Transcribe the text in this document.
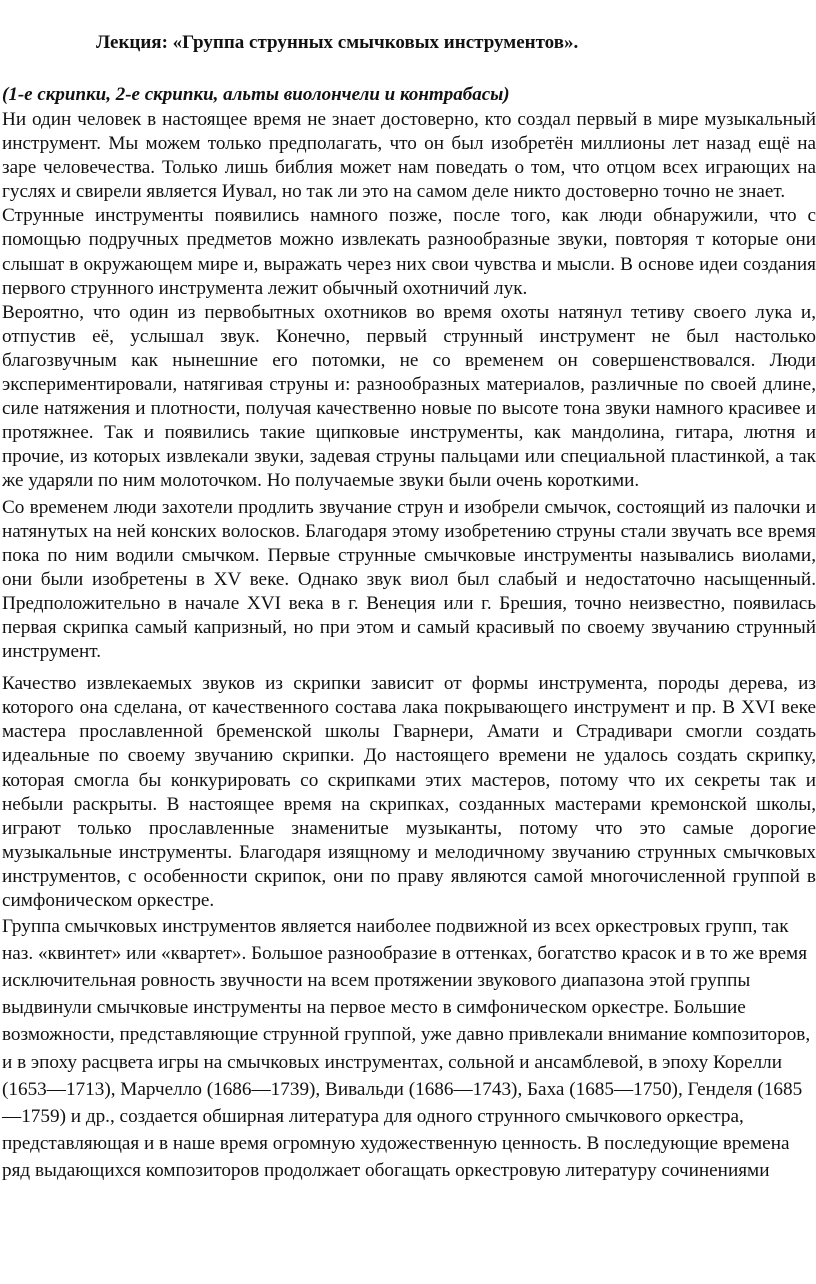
Лекция: «Группа струнных смычковых инструментов».

(1-е скрипки, 2-е скрипки, альты виолончели и контрабасы)

Ни один человек в настоящее время не знает достоверно, кто создал первый в мире музыкальный инструмент. Мы можем только предполагать, что он был изобретён миллионы лет назад ещё на заре человечества. Только лишь библия может нам поведать о том, что отцом всех играющих на гуслях и свирели является Иувал, но так ли это на самом деле никто достоверно точно не знает.

Струнные инструменты появились намного позже, после того, как люди обнаружили, что с помощью подручных предметов можно извлекать разнообразные звуки, повторяя т которые они слышат в окружающем мире и, выражать через них свои чувства и мысли. В основе идеи создания первого струнного инструмента лежит обычный охотничий лук.

Вероятно, что один из первобытных охотников во время охоты натянул тетиву своего лука и, отпустив её, услышал звук. Конечно, первый струнный инструмент не был настолько благозвучным как нынешние его потомки, не со временем он совершенствовался. Люди экспериментировали, натягивая струны и: разнообразных материалов, различные по своей длине, силе натяжения и плотности, получая качественно новые по высоте тона звуки намного красивее и протяжнее. Так и появились такие щипковые инструменты, как мандолина, гитара, лютня и прочие, из которых извлекали звуки, задевая струны пальцами или специальной пластинкой, а так же ударяли по ним молоточком. Но получаемые звуки были очень короткими.

Со временем люди захотели продлить звучание струн и изобрели смычок, состоящий из палочки и натянутых на ней конских волосков. Благодаря этому изобретению струны стали звучать все время пока по ним водили смычком. Первые струнные смычковые инструменты назывались виолами, они были изобретены в XV веке. Однако звук виол был слабый и недостаточно насыщенный. Предположительно в начале XVI века в г. Венеция или г. Брешия, точно неизвестно, появилась первая скрипка самый капризный, но при этом и самый красивый по своему звучанию струнный инструмент.

Качество извлекаемых звуков из скрипки зависит от формы инструмента, породы дерева, из которого она сделана, от качественного состава лака покрывающего инструмент и пр. В XVI веке мастера прославленной бременской школы Гварнери, Амати и Страдивари смогли создать идеальные по своему звучанию скрипки. До настоящего времени не удалось создать скрипку, которая смогла бы конкурировать со скрипками этих мастеров, потому что их секреты так и небыли раскрыты. В настоящее время на скрипках, созданных мастерами кремонской школы, играют только прославленные знаменитые музыканты, потому что это самые дорогие музыкальные инструменты. Благодаря изящному и мелодичному звучанию струнных смычковых инструментов, с особенности скрипок, они по праву являются самой многочисленной группой в симфоническом оркестре.

Группа смычковых инструментов является наиболее подвижной из всех оркестровых групп, так наз. «квинтет» или «квартет». Большое разнообразие в оттенках, богатство красок и в то же время исключительная ровность звучности на всем протяжении звукового диапазона этой группы выдвинули смычковые инструменты на первое место в симфоническом оркестре. Большие возможности, представляющие струнной группой, уже давно привлекали внимание композиторов, и в эпоху расцвета игры на смычковых инструментах, сольной и ансамблевой, в эпоху Корелли (1653—1713), Марчелло (1686—1739), Вивальди (1686—1743), Баха (1685—1750), Генделя (1685—1759) и др., создается обширная литература для одного струнного смычкового оркестра, представляющая и в наше время огромную художественную ценность. В последующие времена ряд выдающихся композиторов продолжает обогащать оркестровую литературу сочинениями
